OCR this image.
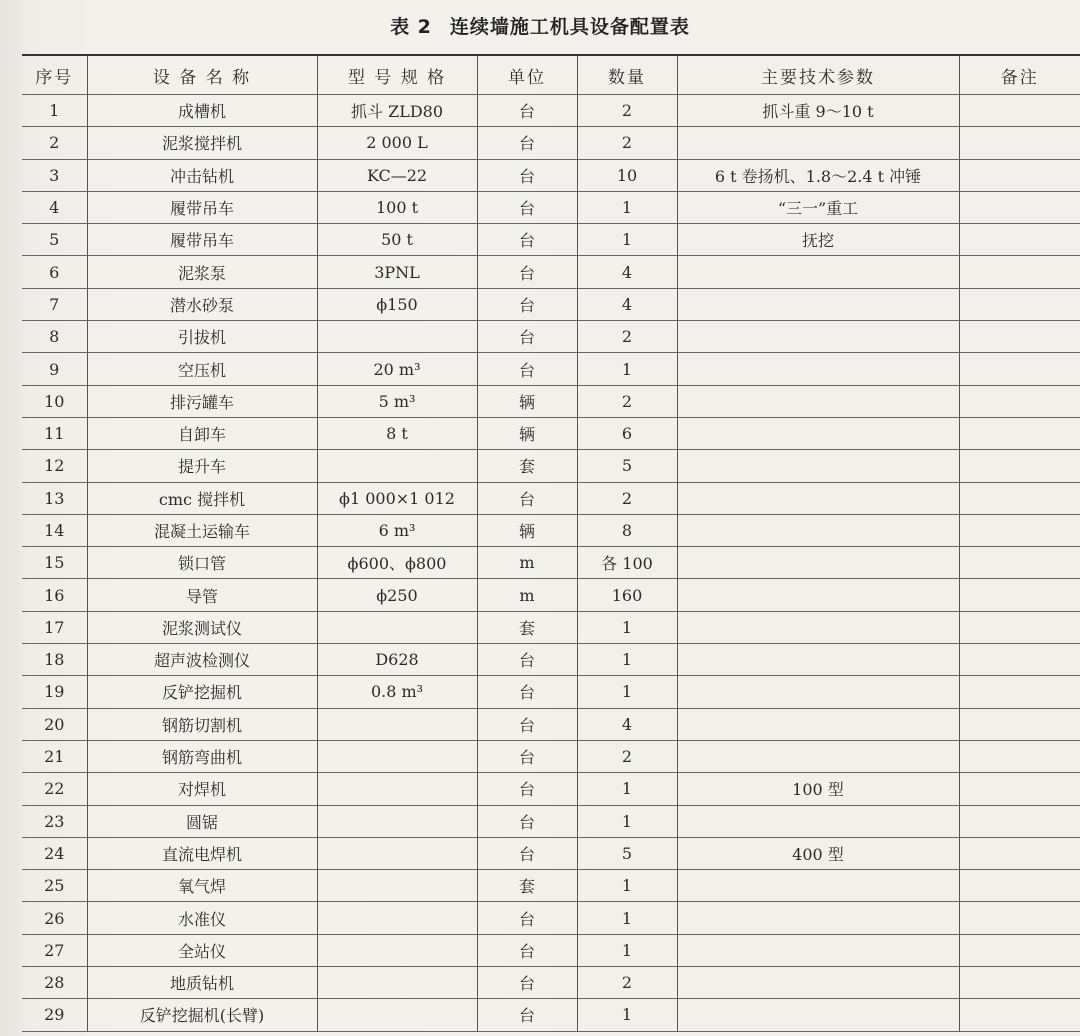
表 2 连续墙施工机具设备配置表
序号	设 备 名 称	型 号 规 格	单位	数量	主要技术参数	备注
1	成槽机	抓斗 ZLD80	台	2	抓斗重 9～10 t	
2	泥浆搅拌机	2 000 L	台	2		
3	冲击钻机	KC—22	台	10	6 t 卷扬机、1.8～2.4 t 冲锤	
4	履带吊车	100 t	台	1	“三一”重工	
5	履带吊车	50 t	台	1	抚挖	
6	泥浆泵	3PNL	台	4		
7	潜水砂泵	ϕ150	台	4		
8	引拔机		台	2		
9	空压机	20 m³	台	1		
10	排污罐车	5 m³	辆	2		
11	自卸车	8 t	辆	6		
12	提升车		套	5		
13	cmc 搅拌机	ϕ1 000×1 012	台	2		
14	混凝土运输车	6 m³	辆	8		
15	锁口管	ϕ600、ϕ800	m	各 100		
16	导管	ϕ250	m	160		
17	泥浆测试仪		套	1		
18	超声波检测仪	D628	台	1		
19	反铲挖掘机	0.8 m³	台	1		
20	钢筋切割机		台	4		
21	钢筋弯曲机		台	2		
22	对焊机		台	1	100 型	
23	圆锯		台	1		
24	直流电焊机		台	5	400 型	
25	氧气焊		套	1		
26	水准仪		台	1		
27	全站仪		台	1		
28	地质钻机		台	2		
29	反铲挖掘机(长臂)		台	1		
